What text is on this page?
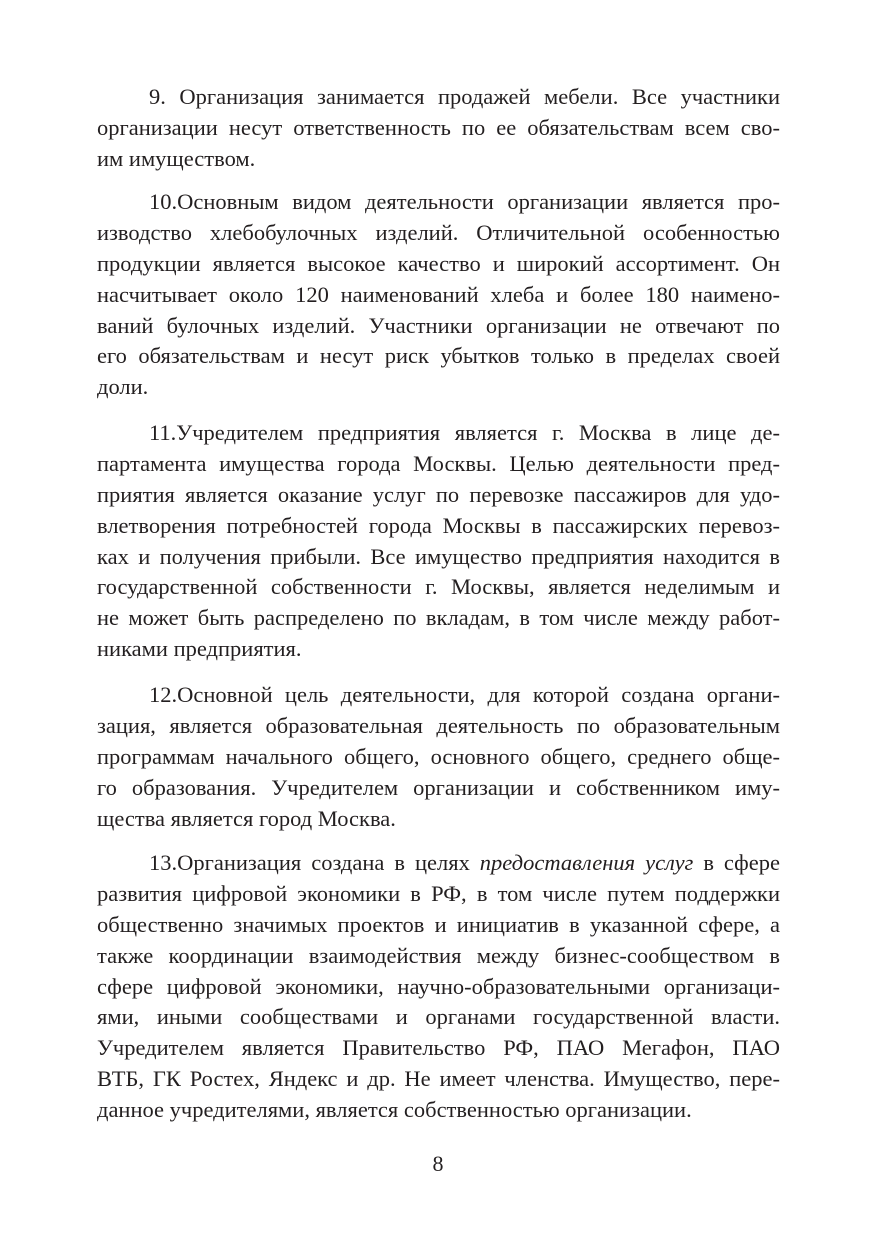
9. Организация занимается продажей мебели. Все участники
организации несут ответственность по ее обязательствам всем сво-
им имуществом.
10.Основным видом деятельности организации является про-
изводство хлебобулочных изделий. Отличительной особенностью
продукции является высокое качество и широкий ассортимент. Он
насчитывает около 120 наименований хлеба и более 180 наимено-
ваний булочных изделий. Участники организации не отвечают по
его обязательствам и несут риск убытков только в пределах своей
доли.
11.Учредителем предприятия является г. Москва в лице де-
партамента имущества города Москвы. Целью деятельности пред-
приятия является оказание услуг по перевозке пассажиров для удо-
влетворения потребностей города Москвы в пассажирских перевоз-
ках и получения прибыли. Все имущество предприятия находится в
государственной собственности г. Москвы, является неделимым и
не может быть распределено по вкладам, в том числе между работ-
никами предприятия.
12.Основной цель деятельности, для которой создана органи-
зация, является образовательная деятельность по образовательным
программам начального общего, основного общего, среднего обще-
го образования. Учредителем организации и собственником иму-
щества является город Москва.
13.Организация создана в целях предоставления услуг в сфере
развития цифровой экономики в РФ, в том числе путем поддержки
общественно значимых проектов и инициатив в указанной сфере, а
также координации взаимодействия между бизнес-сообществом в
сфере цифровой экономики, научно-образовательными организаци-
ями, иными сообществами и органами государственной власти.
Учредителем является Правительство РФ, ПАО Мегафон, ПАО
ВТБ, ГК Ростех, Яндекс и др. Не имеет членства. Имущество, пере-
данное учредителями, является собственностью организации.
8
